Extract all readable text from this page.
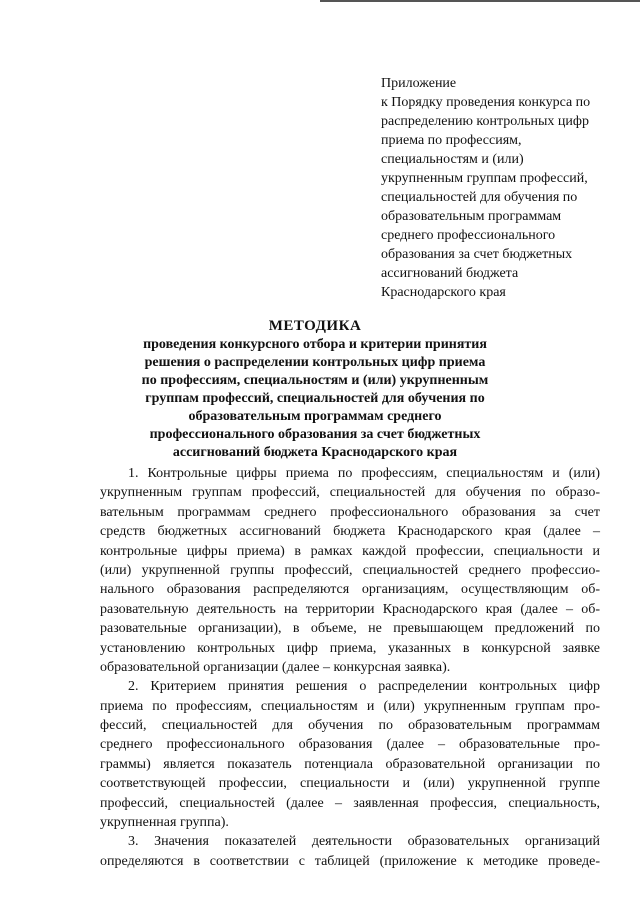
Приложение
к Порядку проведения конкурса по
распределению контрольных цифр
приема по профессиям,
специальностям и (или)
укрупненным группам профессий,
специальностей для обучения по
образовательным программам
среднего профессионального
образования за счет бюджетных
ассигнований бюджета
Краснодарского края
МЕТОДИКА
проведения конкурсного отбора и критерии принятия
решения о распределении контрольных цифр приема
по профессиям, специальностям и (или) укрупненным
группам профессий, специальностей для обучения по
образовательным программам среднего
профессионального образования за счет бюджетных
ассигнований бюджета Краснодарского края
1. Контрольные цифры приема по профессиям, специальностям и (или)
укрупненным группам профессий, специальностей для обучения по образо-
вательным программам среднего профессионального образования за счет
средств бюджетных ассигнований бюджета Краснодарского края (далее –
контрольные цифры приема) в рамках каждой профессии, специальности и
(или) укрупненной группы профессий, специальностей среднего профессио-
нального образования распределяются организациям, осуществляющим об-
разовательную деятельность на территории Краснодарского края (далее – об-
разовательные организации), в объеме, не превышающем предложений по
установлению контрольных цифр приема, указанных в конкурсной заявке
образовательной организации (далее – конкурсная заявка).
2. Критерием принятия решения о распределении контрольных цифр
приема по профессиям, специальностям и (или) укрупненным группам про-
фессий, специальностей для обучения по образовательным программам
среднего профессионального образования (далее – образовательные про-
граммы) является показатель потенциала образовательной организации по
соответствующей профессии, специальности и (или) укрупненной группе
профессий, специальностей (далее – заявленная профессия, специальность,
укрупненная группа).
3. Значения показателей деятельности образовательных организаций
определяются в соответствии с таблицей (приложение к методике проведе-
